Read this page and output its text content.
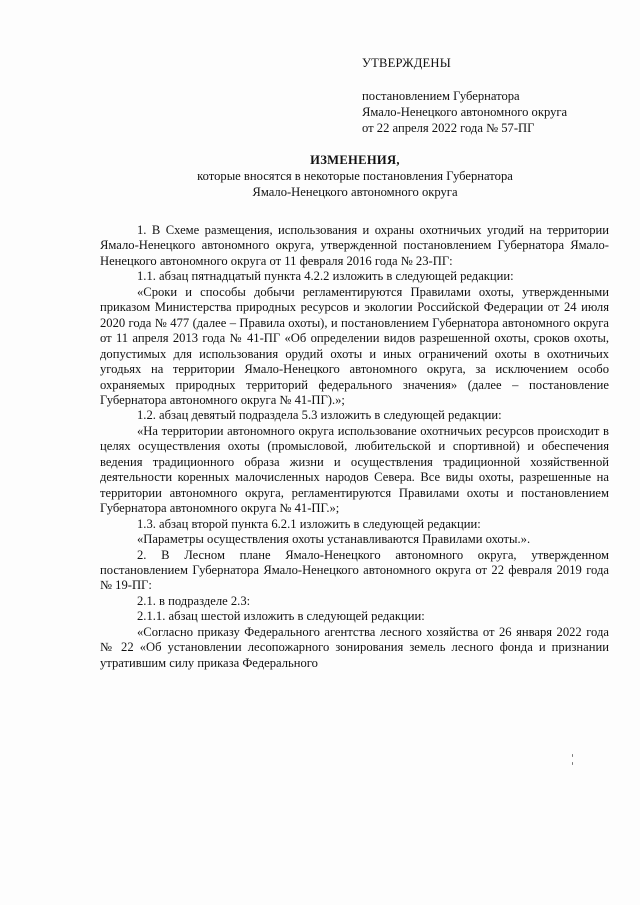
УТВЕРЖДЕНЫ
постановлением Губернатора
Ямало-Ненецкого автономного округа
от 22 апреля 2022 года № 57-ПГ
ИЗМЕНЕНИЯ,
которые вносятся в некоторые постановления Губернатора
Ямало-Ненецкого автономного округа

1. В Схеме размещения, использования и охраны охотничьих угодий на территории Ямало-Ненецкого автономного округа, утвержденной постановлением Губернатора Ямало-Ненецкого автономного округа от 11 февраля 2016 года № 23-ПГ:

1.1. абзац пятнадцатый пункта 4.2.2 изложить в следующей редакции:

«Сроки и способы добычи регламентируются Правилами охоты, утвержденными приказом Министерства природных ресурсов и экологии Российской Федерации от 24 июля 2020 года № 477 (далее – Правила охоты), и постановлением Губернатора автономного округа от 11 апреля 2013 года № 41-ПГ «Об определении видов разрешенной охоты, сроков охоты, допустимых для использования орудий охоты и иных ограничений охоты в охотничьих угодьях на территории Ямало-Ненецкого автономного округа, за исключением особо охраняемых природных территорий федерального значения» (далее – постановление Губернатора автономного округа № 41-ПГ).»;

1.2. абзац девятый подраздела 5.3 изложить в следующей редакции:

«На территории автономного округа использование охотничьих ресурсов происходит в целях осуществления охоты (промысловой, любительской и спортивной) и обеспечения ведения традиционного образа жизни и осуществления традиционной хозяйственной деятельности коренных малочисленных народов Севера. Все виды охоты, разрешенные на территории автономного округа, регламентируются Правилами охоты и постановлением Губернатора автономного округа № 41-ПГ.»;

1.3. абзац второй пункта 6.2.1 изложить в следующей редакции:

«Параметры осуществления охоты устанавливаются Правилами охоты.».

2. В Лесном плане Ямало-Ненецкого автономного округа, утвержденном постановлением Губернатора Ямало-Ненецкого автономного округа от 22 февраля 2019 года № 19-ПГ:

2.1. в подразделе 2.3:

2.1.1. абзац шестой изложить в следующей редакции:

«Согласно приказу Федерального агентства лесного хозяйства от 26 января 2022 года № 22 «Об установлении лесопожарного зонирования земель лесного фонда и признании утратившим силу приказа Федерального
